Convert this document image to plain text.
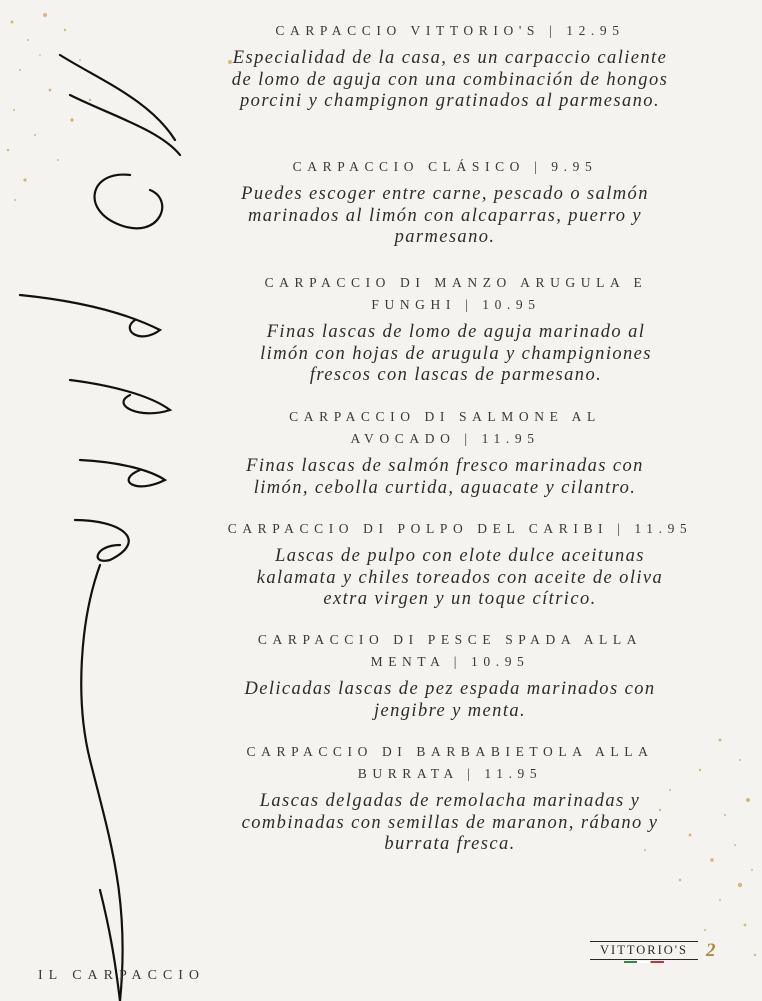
CARPACCIO VITTORIO'S | 12.95
Especialidad de la casa, es un carpaccio caliente de lomo de aguja con una combinación de hongos porcini y champignon gratinados al parmesano.
CARPACCIO CLÁSICO | 9.95
Puedes escoger entre carne, pescado o salmón marinados al limón con alcaparras, puerro y parmesano.
CARPACCIO DI MANZO ARUGULA E FUNGHI | 10.95
Finas lascas de lomo de aguja marinado al limón con hojas de arugula y champigniones frescos con lascas de parmesano.
CARPACCIO DI SALMONE AL AVOCADO | 11.95
Finas lascas de salmón fresco marinadas con limón, cebolla curtida, aguacate y cilantro.
CARPACCIO DI POLPO DEL CARIBI | 11.95
Lascas de pulpo con elote dulce aceitunas kalamata y chiles toreados con aceite de oliva extra virgen y un toque cítrico.
CARPACCIO DI PESCE SPADA ALLA MENTA | 10.95
Delicadas lascas de pez espada marinados con jengibre y menta.
CARPACCIO DI BARBABIETOLA ALLA BURRATA | 11.95
Lascas delgadas de remolacha marinadas y combinadas con semillas de maranon, rábano y burrata fresca.
IL CARPACCIO
VITTORIO'S 2
